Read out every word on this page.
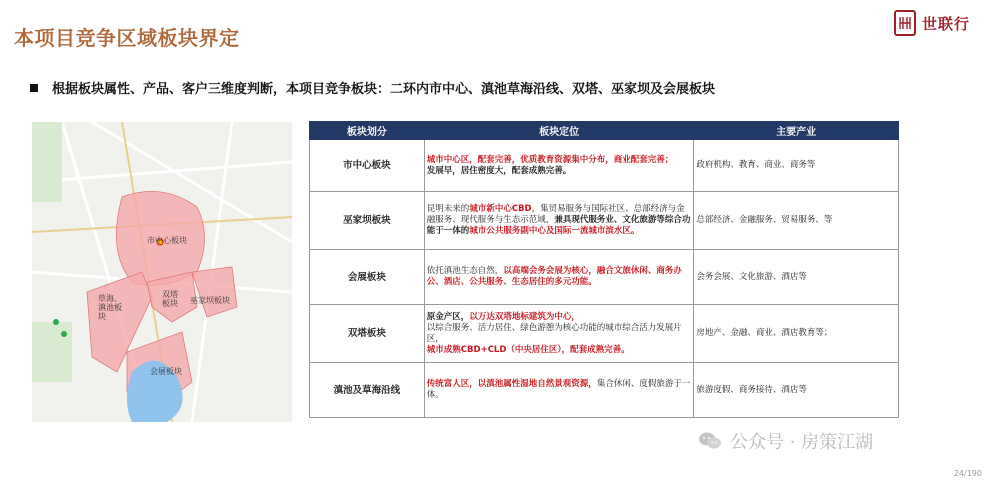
本项目竞争区域板块界定
世联行
根据板块属性、产品、客户三维度判断，本项目竞争板块：二环内市中心、滇池草海沿线、双塔、巫家坝及会展板块
市中心板块
草海、滇池板块
双塔板块	巫家坝板块
会展板块
板块划分	板块定位	主要产业
市中心板块	城市中心区，配套完善，优质教育资源集中分布，商业配套完善；
发展早，居住密度大，配套成熟完善。	政府机构、教育、商业、商务等
巫家坝板块	昆明未来的城市新中心CBD，集贸易服务与国际社区、总部经济与金融服务、现代服务与生态示范域，兼具现代服务业、文化旅游等综合功能于一体的城市公共服务副中心及国际一流城市滨水区。	总部经济、金融服务、贸易服务、等
会展板块	依托滇池生态自然，以高端会务会展为核心，融合文旅休闲、商务办公、酒店、公共服务、生态居住的多元功能。	会务会展、文化旅游、酒店等
双塔板块	原金产区，以万达双塔地标建筑为中心，
以综合服务、活力居住、绿色游憩为核心功能的城市综合活力发展片区，
城市成熟CBD+CLD（中央居住区），配套成熟完善。	房地产、金融、商业、酒店教育等；
滇池及草海沿线	传统富人区，以滇池属性湿地自然景观资源，集合休闲、度假旅游于一体。	旅游度假、商务接待、酒店等
公众号 · 房策江湖
24/190
